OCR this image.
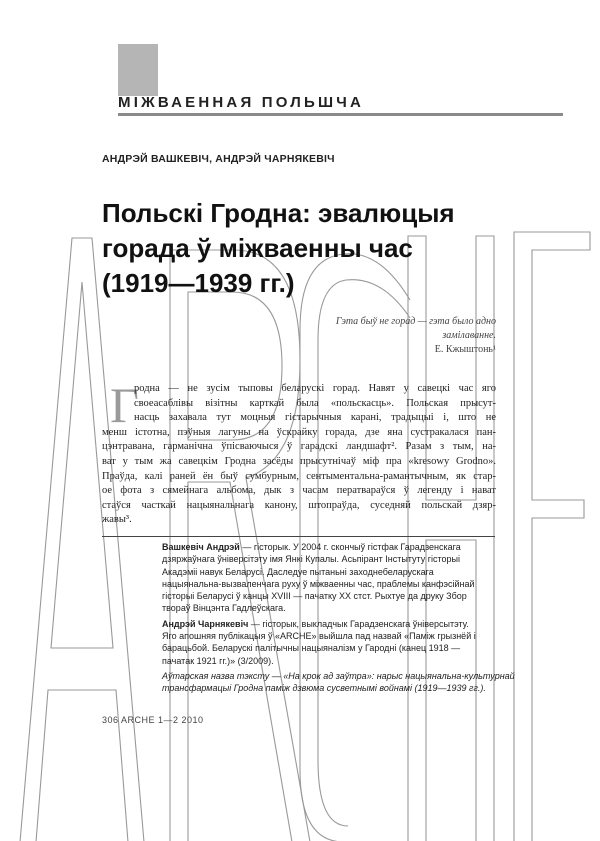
МІЖВАЕННАЯ ПОЛЬШЧА

АНДРЭЙ ВАШКЕВІЧ, АНДРЭЙ ЧАРНЯКЕВІЧ

Польскі Гродна: эвалюцыя
горада ў міжваенны час
(1919—1939 гг.)
Гэта быў не горад — гэта было адно
замілаванне.
Е. Кжыштонь¹
Г
родна — не зусім тыповы беларускі горад. Навят у савецкі час яго
своеасаблівы візітны карткай была «польскасць». Польская прысут-
насць захавала тут моцныя гістарычныя карані, традыцыі і, што не
менш істотна, пэўныя лагуны на ўскрайку горада, дзе яна сустракалася пан-
цэнтравана, гарманічна ўпісваючыся ў гарадскі ландшафт². Разам з тым, на-
ват у тым жа савецкім Гродна засёды прысутнічаў міф пра «kresowy Grodno».
Праўда, калі раней ён быў сумбурным, сентыментальна-рамантычным, як стар-
ое фота з сямейнага альбома, дык з часам ператвараўся ў легенду і нават
стаўся часткай нацыянальнага канону, штопраўда, суседняй польскай дзяр-
жавы³.
Вашкевіч Андрэй — гісторык. У 2004 г. скончыў гістфак Гарадзенскага
дзяржаўнага ўніверсітэту імя Янкі Купалы. Асьпірант Інстытуту гісторыі
Акадэміі навук Беларусі. Даследуе пытаньні заходнебеларускага
нацыянальна-вызваленчага руху ў міжваенны час, праблемы канфэсійнай
гісторыі Беларусі ў канцы XVIII — пачатку XX стст. Рыхтуе да друку Збор
твораў Вінцэнта Гадлеўскага.
Андрэй Чарнякевіч — гісторык, выкладчык Гарадзенскага ўніверсытэту.
Яго апошняя публікацыя ў «ARCHE» выйшла пад назвай «Паміж грызнёй і
барацьбой. Беларускі палітычны нацыяналізм у Гародні (канец 1918 —
пачатак 1921 гг.)» (3/2009).
Аўтарская назва тэксту — «На крок ад заўтра»: нарыс нацыянальна-культурнай
трансфармацыі Гродна паміж дзвюма сусветнымі войнамі (1919—1939 гг.).

306 ARCHE 1—2 2010
